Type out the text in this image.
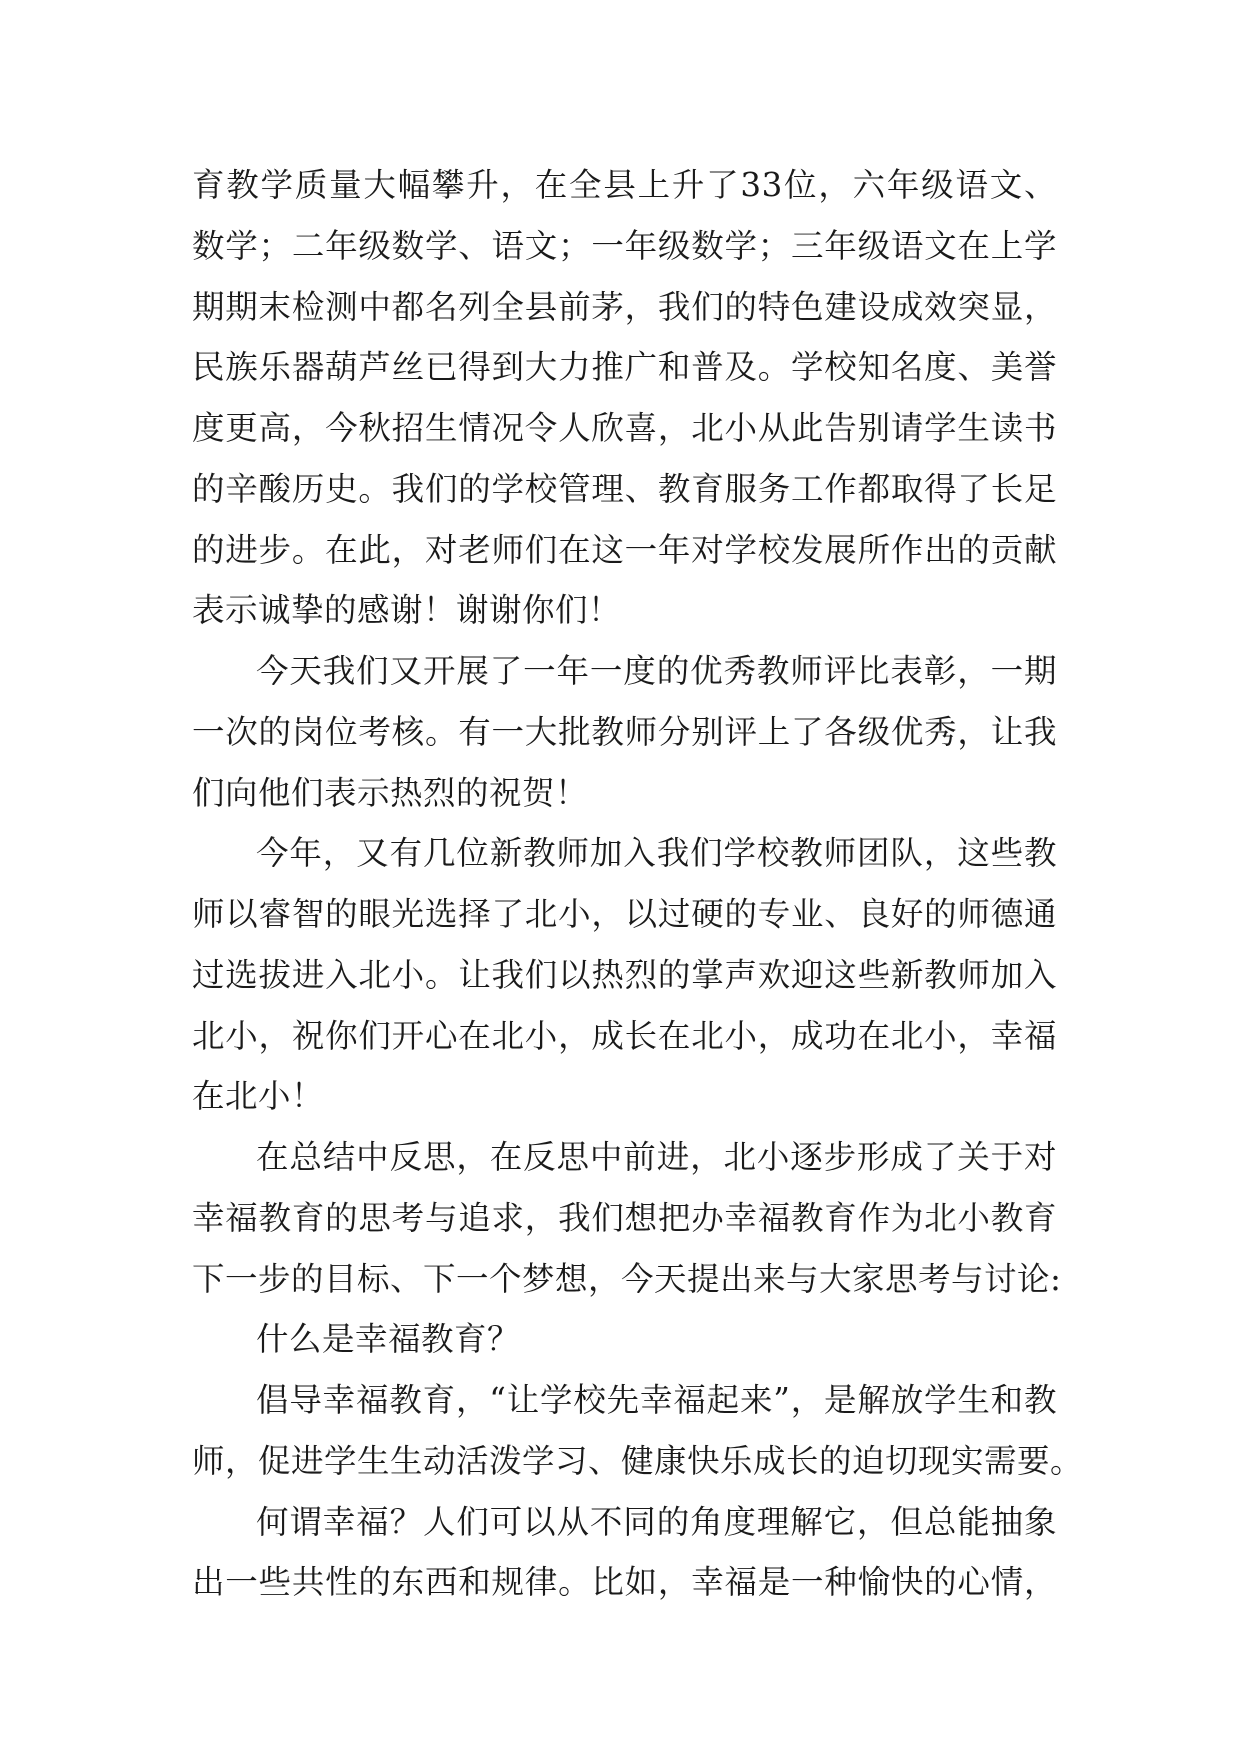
育教学质量大幅攀升，在全县上升了33位，六年级语文、
数学；二年级数学、语文；一年级数学；三年级语文在上学
期期末检测中都名列全县前茅，我们的特色建设成效突显，
民族乐器葫芦丝已得到大力推广和普及。学校知名度、美誉
度更高，今秋招生情况令人欣喜，北小从此告别请学生读书
的辛酸历史。我们的学校管理、教育服务工作都取得了长足
的进步。在此，对老师们在这一年对学校发展所作出的贡献
表示诚挚的感谢！谢谢你们！
今天我们又开展了一年一度的优秀教师评比表彰，一期
一次的岗位考核。有一大批教师分别评上了各级优秀，让我
们向他们表示热烈的祝贺！
今年，又有几位新教师加入我们学校教师团队，这些教
师以睿智的眼光选择了北小，以过硬的专业、良好的师德通
过选拔进入北小。让我们以热烈的掌声欢迎这些新教师加入
北小，祝你们开心在北小，成长在北小，成功在北小，幸福
在北小！
在总结中反思，在反思中前进，北小逐步形成了关于对
幸福教育的思考与追求，我们想把办幸福教育作为北小教育
下一步的目标、下一个梦想，今天提出来与大家思考与讨论:
什么是幸福教育？
倡导幸福教育，“让学校先幸福起来”，是解放学生和教
师，促进学生生动活泼学习、健康快乐成长的迫切现实需要。
何谓幸福？人们可以从不同的角度理解它，但总能抽象
出一些共性的东西和规律。比如，幸福是一种愉快的心情，
